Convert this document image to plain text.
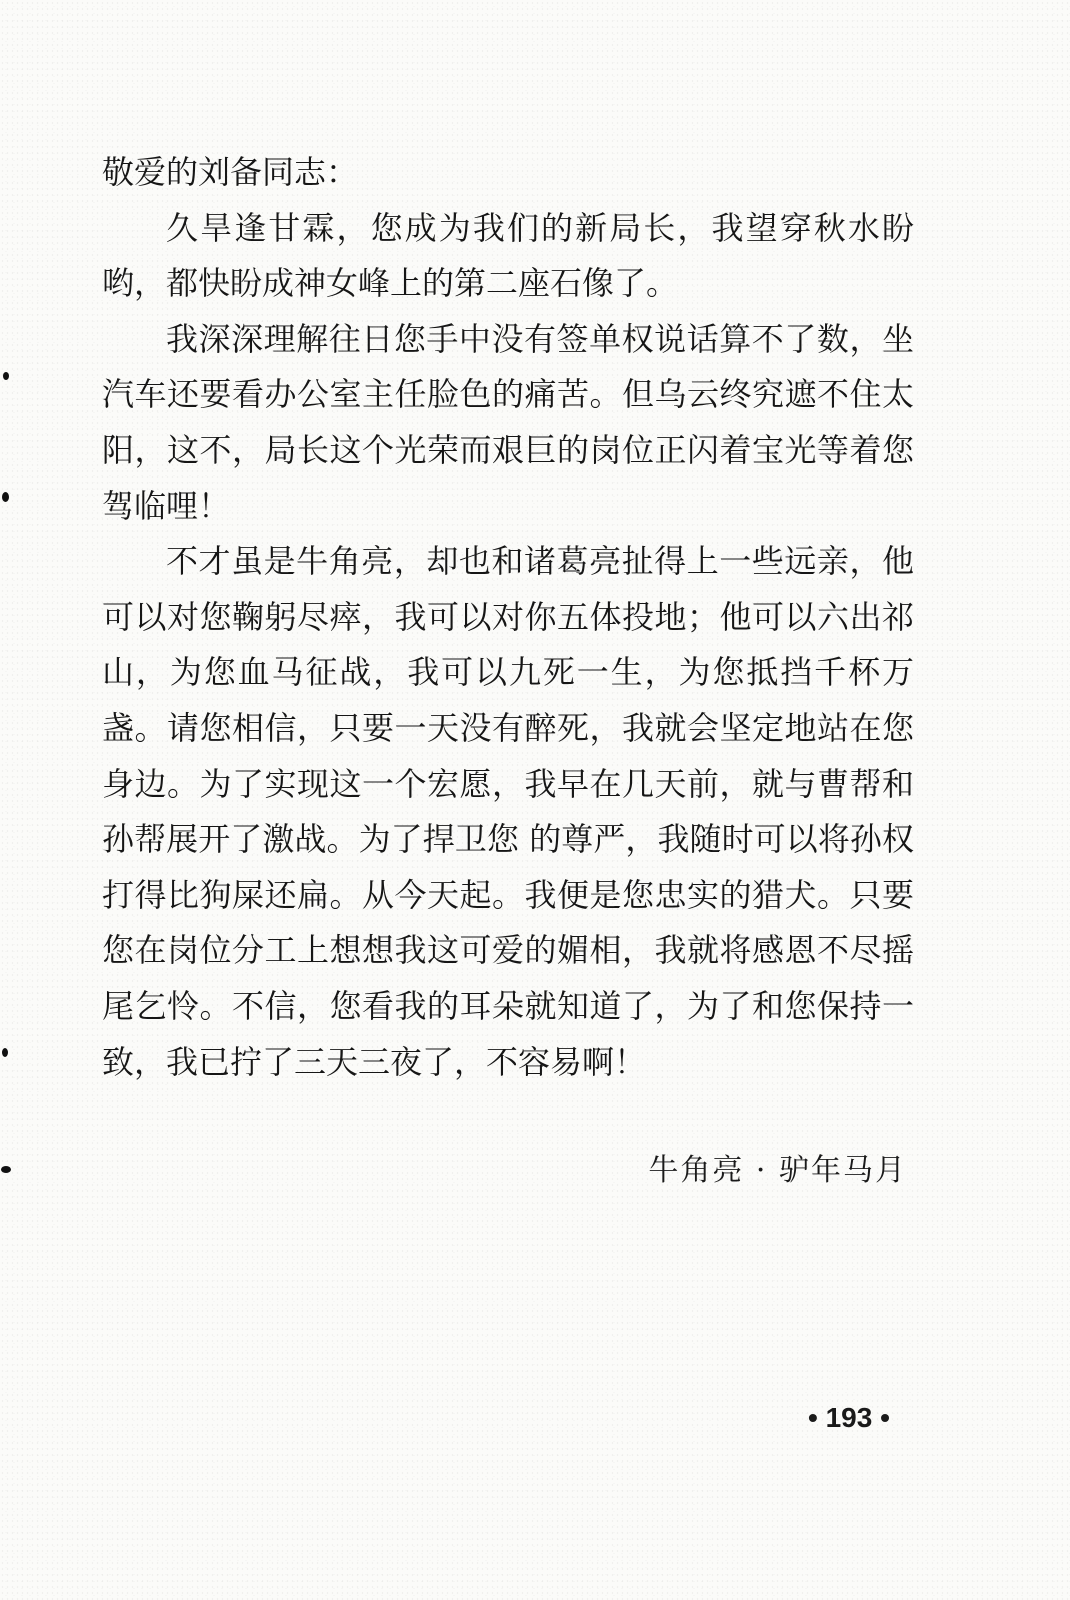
敬爱的刘备同志：

久旱逢甘霖，您成为我们的新局长，我望穿秋水盼哟，都快盼成神女峰上的第二座石像了。

我深深理解往日您手中没有签单权说话算不了数，坐汽车还要看办公室主任脸色的痛苦。但乌云终究遮不住太阳，这不，局长这个光荣而艰巨的岗位正闪着宝光等着您驾临哩！

不才虽是牛角亮，却也和诸葛亮扯得上一些远亲，他可以对您鞠躬尽瘁，我可以对你五体投地；他可以六出祁山，为您血马征战，我可以九死一生，为您抵挡千杯万盏。请您相信，只要一天没有醉死，我就会坚定地站在您身边。为了实现这一个宏愿，我早在几天前，就与曹帮和孙帮展开了激战。为了捍卫您 的尊严，我随时可以将孙权打得比狗屎还扁。从今天起。我便是您忠实的猎犬。只要您在岗位分工上想想我这可爱的媚相，我就将感恩不尽摇尾乞怜。不信，您看我的耳朵就知道了，为了和您保持一致，我已拧了三天三夜了，不容易啊！

牛角亮 · 驴年马月
• 193 •
